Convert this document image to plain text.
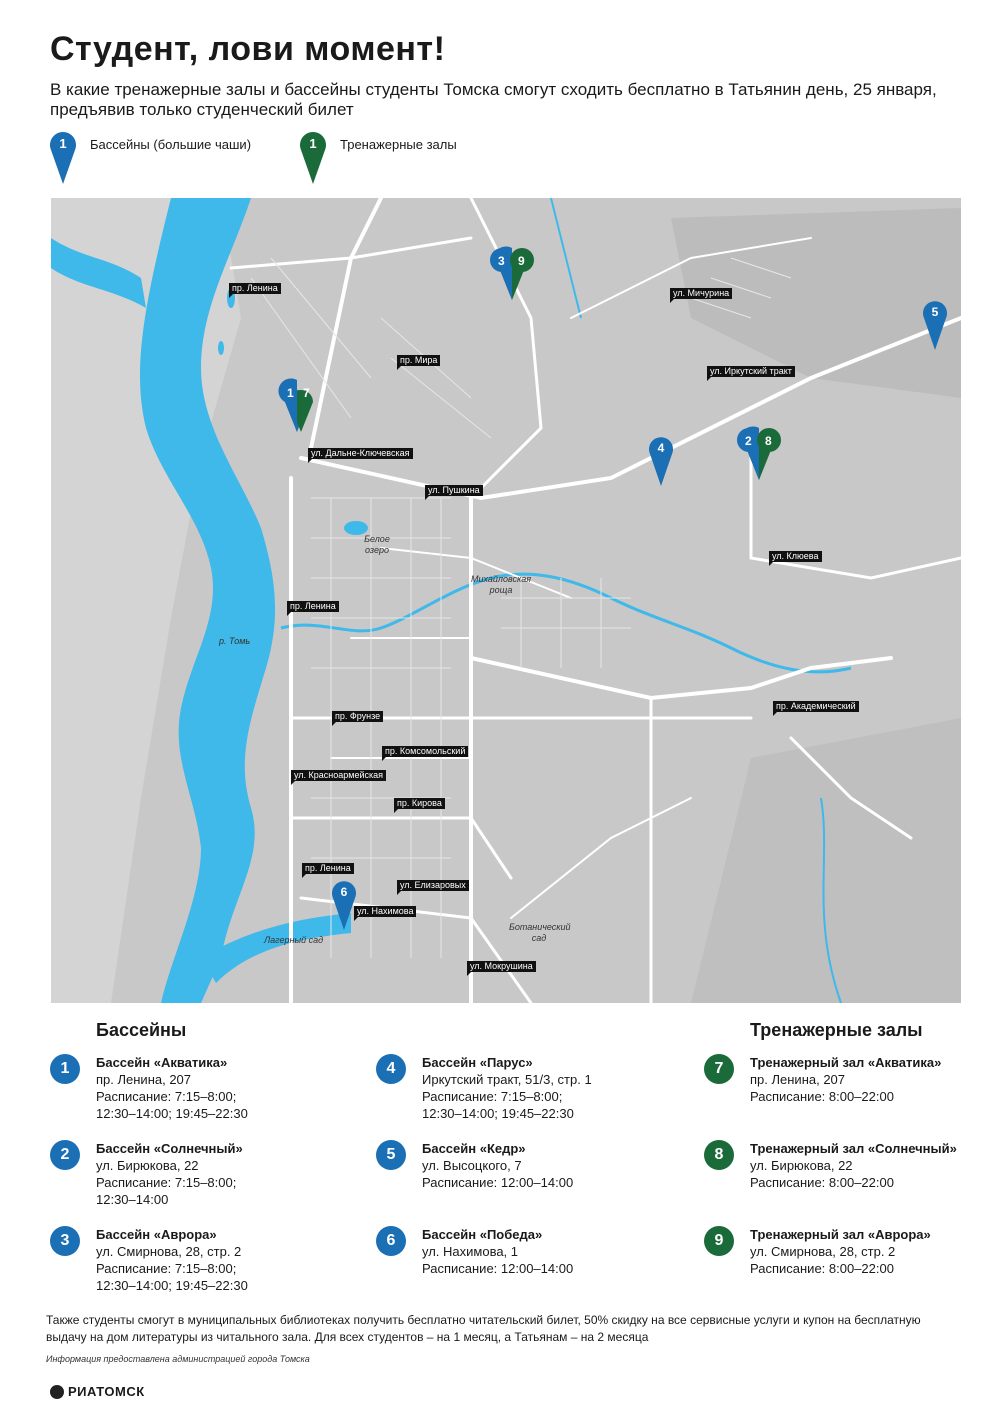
Студент, лови момент!
В какие тренажерные залы и бассейны студенты Томска смогут сходить бесплатно в Татьянин день, 25 января, предъявив только студенческий билет
1 Бассейны (большие чаши)	1 Тренажерные залы
пр. Ленина
пр. Мира
ул. Мичурина
ул. Иркутский тракт
ул. Дальне-Ключевская
ул. Пушкина
ул. Клюева
пр. Ленина
пр. Академический
пр. Фрунзе
пр. Комсомольский
ул. Красноармейская
пр. Кирова
пр. Ленина
ул. Елизаровых
ул. Нахимова
ул. Мокрушина
Белое озеро
Михайловская роща
р. Томь
Ботанический сад
Лагерный сад
1 7
3 9
2 8
4
5
6
Бассейны	Тренажерные залы
1	Бассейн «Акватика»
пр. Ленина, 207
Расписание: 7:15–8:00;
12:30–14:00; 19:45–22:30
2	Бассейн «Солнечный»
ул. Бирюкова, 22
Расписание: 7:15–8:00;
12:30–14:00
3	Бассейн «Аврора»
ул. Смирнова, 28, стр. 2
Расписание: 7:15–8:00;
12:30–14:00; 19:45–22:30
4	Бассейн «Парус»
Иркутский тракт, 51/3, стр. 1
Расписание: 7:15–8:00;
12:30–14:00; 19:45–22:30
5	Бассейн «Кедр»
ул. Высоцкого, 7
Расписание: 12:00–14:00
6	Бассейн «Победа»
ул. Нахимова, 1
Расписание: 12:00–14:00
7	Тренажерный зал «Акватика»
пр. Ленина, 207
Расписание: 8:00–22:00
8	Тренажерный зал «Солнечный»
ул. Бирюкова, 22
Расписание: 8:00–22:00
9	Тренажерный зал «Аврора»
ул. Смирнова, 28, стр. 2
Расписание: 8:00–22:00
Также студенты смогут в муниципальных библиотеках получить бесплатно читательский билет, 50% скидку на все сервисные услуги и купон на бесплатную выдачу на дом литературы из читального зала. Для всех студентов – на 1 месяц, а Татьянам – на 2 месяца
Информация предоставлена администрацией города Томска
РИАТОМСК
